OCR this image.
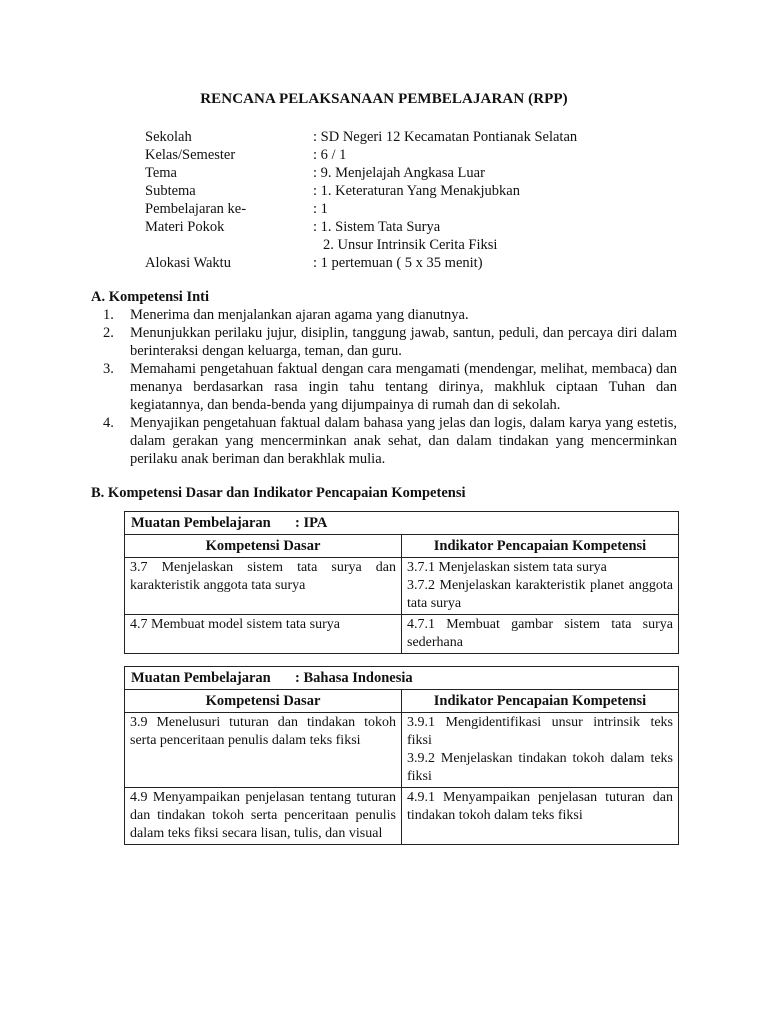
RENCANA PELAKSANAAN PEMBELAJARAN (RPP)
Sekolah	: SD Negeri 12 Kecamatan Pontianak Selatan
Kelas/Semester	: 6 / 1
Tema	: 9. Menjelajah Angkasa Luar
Subtema	: 1. Keteraturan Yang Menakjubkan
Pembelajaran ke-	: 1
Materi Pokok	: 1. Sistem Tata Surya
2. Unsur Intrinsik Cerita Fiksi
Alokasi Waktu	: 1 pertemuan ( 5 x 35 menit)
A. Kompetensi Inti
1.	Menerima dan menjalankan ajaran agama yang dianutnya.
2.	Menunjukkan perilaku jujur, disiplin, tanggung jawab, santun, peduli, dan percaya diri dalam berinteraksi dengan keluarga, teman, dan guru.
3.	Memahami pengetahuan faktual dengan cara mengamati (mendengar, melihat, membaca) dan menanya berdasarkan rasa ingin tahu tentang dirinya, makhluk ciptaan Tuhan dan kegiatannya, dan benda-benda yang dijumpainya di rumah dan di sekolah.
4.	Menyajikan pengetahuan faktual dalam bahasa yang jelas dan logis, dalam karya yang estetis, dalam gerakan yang mencerminkan anak sehat, dan dalam tindakan yang mencerminkan perilaku anak beriman dan berakhlak mulia.
B. Kompetensi Dasar dan Indikator Pencapaian Kompetensi
Muatan Pembelajaran : IPA	
Kompetensi Dasar	Indikator Pencapaian Kompetensi
3.7 Menjelaskan sistem tata surya dan karakteristik anggota tata surya	3.7.1 Menjelaskan sistem tata surya
3.7.2 Menjelaskan karakteristik planet anggota tata surya

4.7 Membuat model sistem tata surya	4.7.1 Membuat gambar sistem tata surya sederhana
Muatan Pembelajaran : Bahasa Indonesia	
Kompetensi Dasar	Indikator Pencapaian Kompetensi
3.9 Menelusuri tuturan dan tindakan tokoh serta penceritaan penulis dalam teks fiksi	3.9.1 Mengidentifikasi unsur intrinsik teks fiksi
3.9.2 Menjelaskan tindakan tokoh dalam teks fiksi

4.9 Menyampaikan penjelasan tentang tuturan dan tindakan tokoh serta penceritaan penulis dalam teks fiksi secara lisan, tulis, dan visual	4.9.1 Menyampaikan penjelasan tuturan dan tindakan tokoh dalam teks fiksi
